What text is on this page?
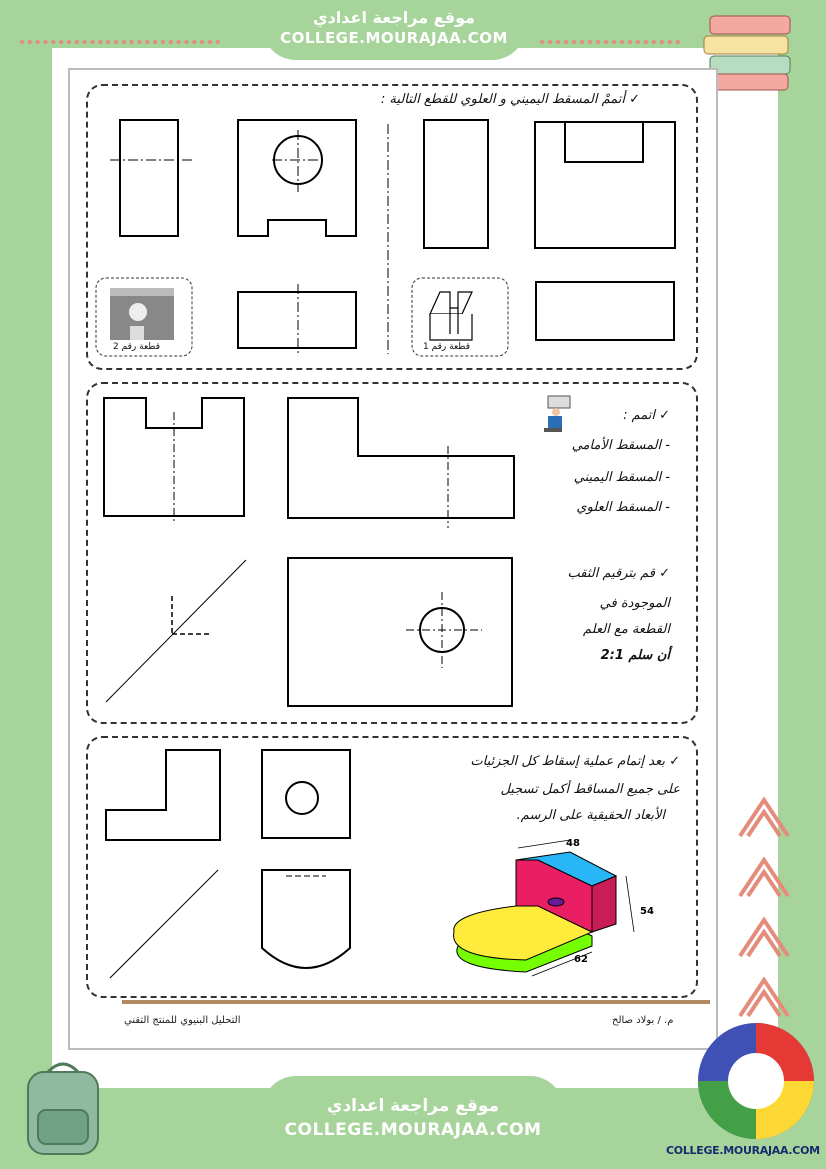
موقع مراجعة اعدادي
COLLEGE.MOURAJAA.COM
✓ أتممْ المسقط اليميني و العلوي للقطع التالية :
قطعة رقم 1
قطعة رقم 2
✓ اتمم :
- المسقط الأمامي
- المسقط اليميني
- المسقط العلوي
✓ قم بترقيم الثقب
الموجودة في
القطعة مع العلم
أن سلم 2:1
✓ بعد إتمام عملية إسقاط كل الجزئيات
على جميع المساقط أكمل تسجيل
الأبعاد الحقيقية على الرسم.
48
54
62
م. / بولاد صالح
التحليل البنيوي للمنتج التقني
COLLEGE.MOURAJAA.COM
موقع مراجعة اعدادي
COLLEGE.MOURAJAA.COM
